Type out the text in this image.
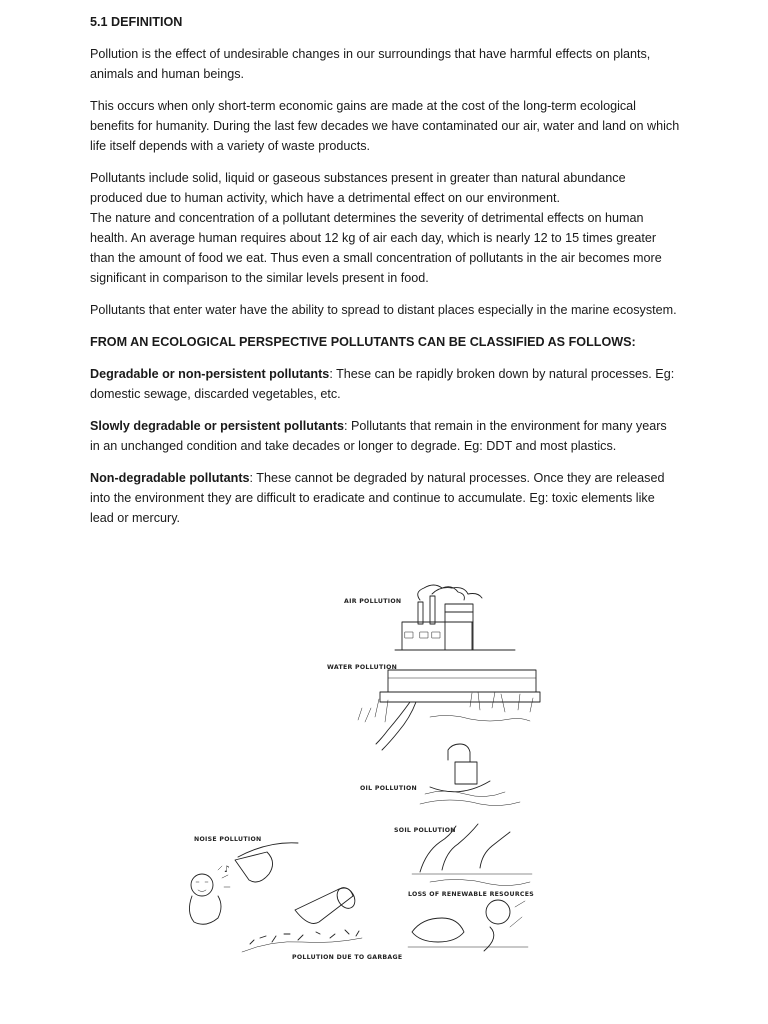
5.1 DEFINITION

Pollution is the effect of undesirable changes in our surroundings that have harmful effects on plants, animals and human beings.

This occurs when only short-term economic gains are made at the cost of the long-term ecological benefits for humanity. During the last few decades we have contaminated our air, water and land on which life itself depends with a variety of waste products.

Pollutants include solid, liquid or gaseous substances present in greater than natural abundance produced due to human activity, which have a detrimental effect on our environment.

The nature and concentration of a pollutant determines the severity of detrimental effects on human health. An average human requires about 12 kg of air each day, which is nearly 12 to 15 times greater than the amount of food we eat. Thus even a small concentration of pollutants in the air becomes more significant in comparison to the similar levels present in food.

Pollutants that enter water have the ability to spread to distant places especially in the marine ecosystem.

FROM AN ECOLOGICAL PERSPECTIVE POLLUTANTS CAN BE CLASSIFIED AS FOLLOWS:

Degradable or non-persistent pollutants: These can be rapidly broken down by natural processes. Eg: domestic sewage, discarded vegetables, etc.

Slowly degradable or persistent pollutants: Pollutants that remain in the environment for many years in an unchanged condition and take decades or longer to degrade. Eg: DDT and most plastics.

Non-degradable pollutants: These cannot be degraded by natural processes. Once they are released into the environment they are difficult to eradicate and continue to accumulate. Eg: toxic elements like lead or mercury.

♪
AIR POLLUTION
WATER POLLUTION
OIL POLLUTION
SOIL POLLUTION
NOISE POLLUTION
LOSS OF RENEWABLE RESOURCES
POLLUTION DUE TO GARBAGE
